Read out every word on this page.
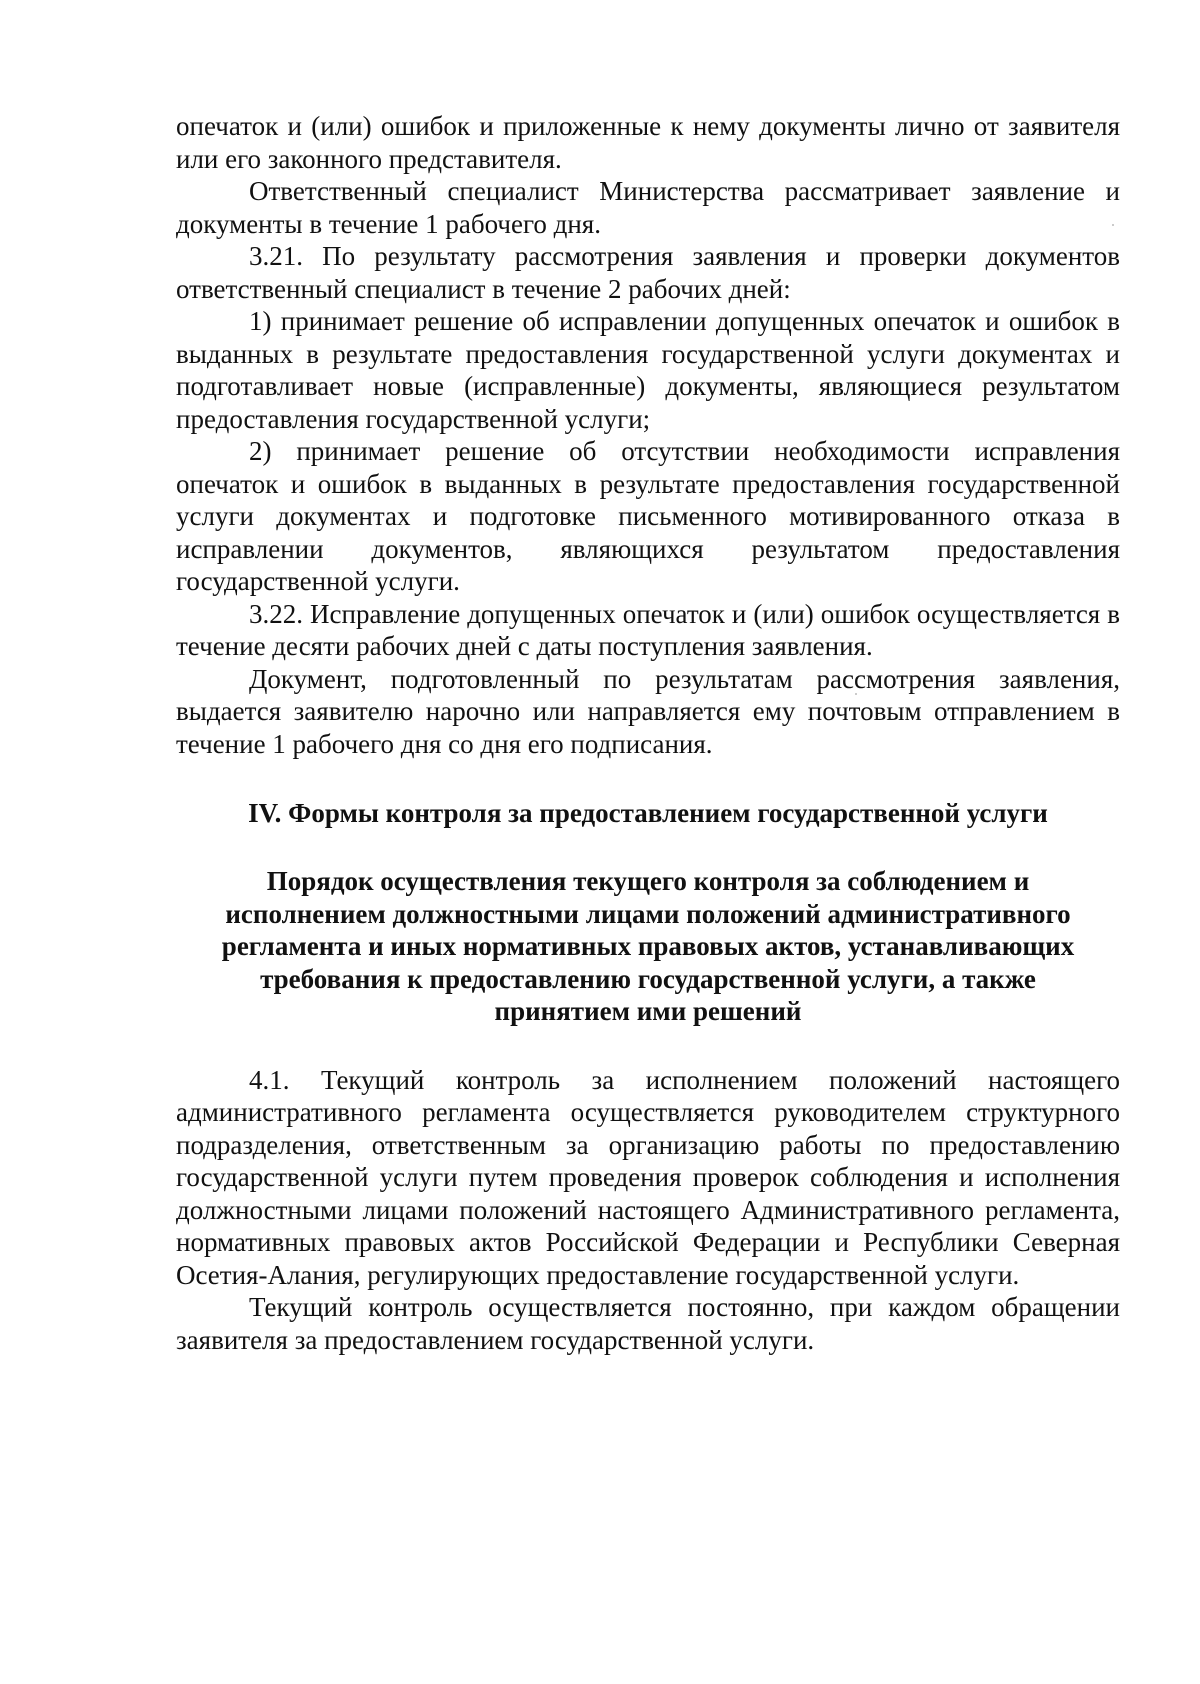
опечаток и (или) ошибок и приложенные к нему документы лично от заявителя или его законного представителя.

Ответственный специалист Министерства рассматривает заявление и документы в течение 1 рабочего дня.

3.21. По результату рассмотрения заявления и проверки документов ответственный специалист в течение 2 рабочих дней:

1) принимает решение об исправлении допущенных опечаток и ошибок в выданных в результате предоставления государственной услуги документах и подготавливает новые (исправленные) документы, являющиеся результатом предоставления государственной услуги;

2) принимает решение об отсутствии необходимости исправления опечаток и ошибок в выданных в результате предоставления государственной услуги документах и подготовке письменного мотивированного отказа в исправлении документов, являющихся результатом предоставления государственной услуги.

3.22. Исправление допущенных опечаток и (или) ошибок осуществляется в течение десяти рабочих дней с даты поступления заявления.

Документ, подготовленный по результатам рассмотрения заявления, выдается заявителю нарочно или направляется ему почтовым отправлением в течение 1 рабочего дня со дня его подписания.

IV. Формы контроля за предоставлением государственной услуги
Порядок осуществления текущего контроля за соблюдением и исполнением должностными лицами положений административного регламента и иных нормативных правовых актов, устанавливающих требования к предоставлению государственной услуги, а также принятием ими решений

4.1. Текущий контроль за исполнением положений настоящего административного регламента осуществляется руководителем структурного подразделения, ответственным за организацию работы по предоставлению государственной услуги путем проведения проверок соблюдения и исполнения должностными лицами положений настоящего Административного регламента, нормативных правовых актов Российской Федерации и Республики Северная Осетия-Алания, регулирующих предоставление государственной услуги.

Текущий контроль осуществляется постоянно, при каждом обращении заявителя за предоставлением государственной услуги.
